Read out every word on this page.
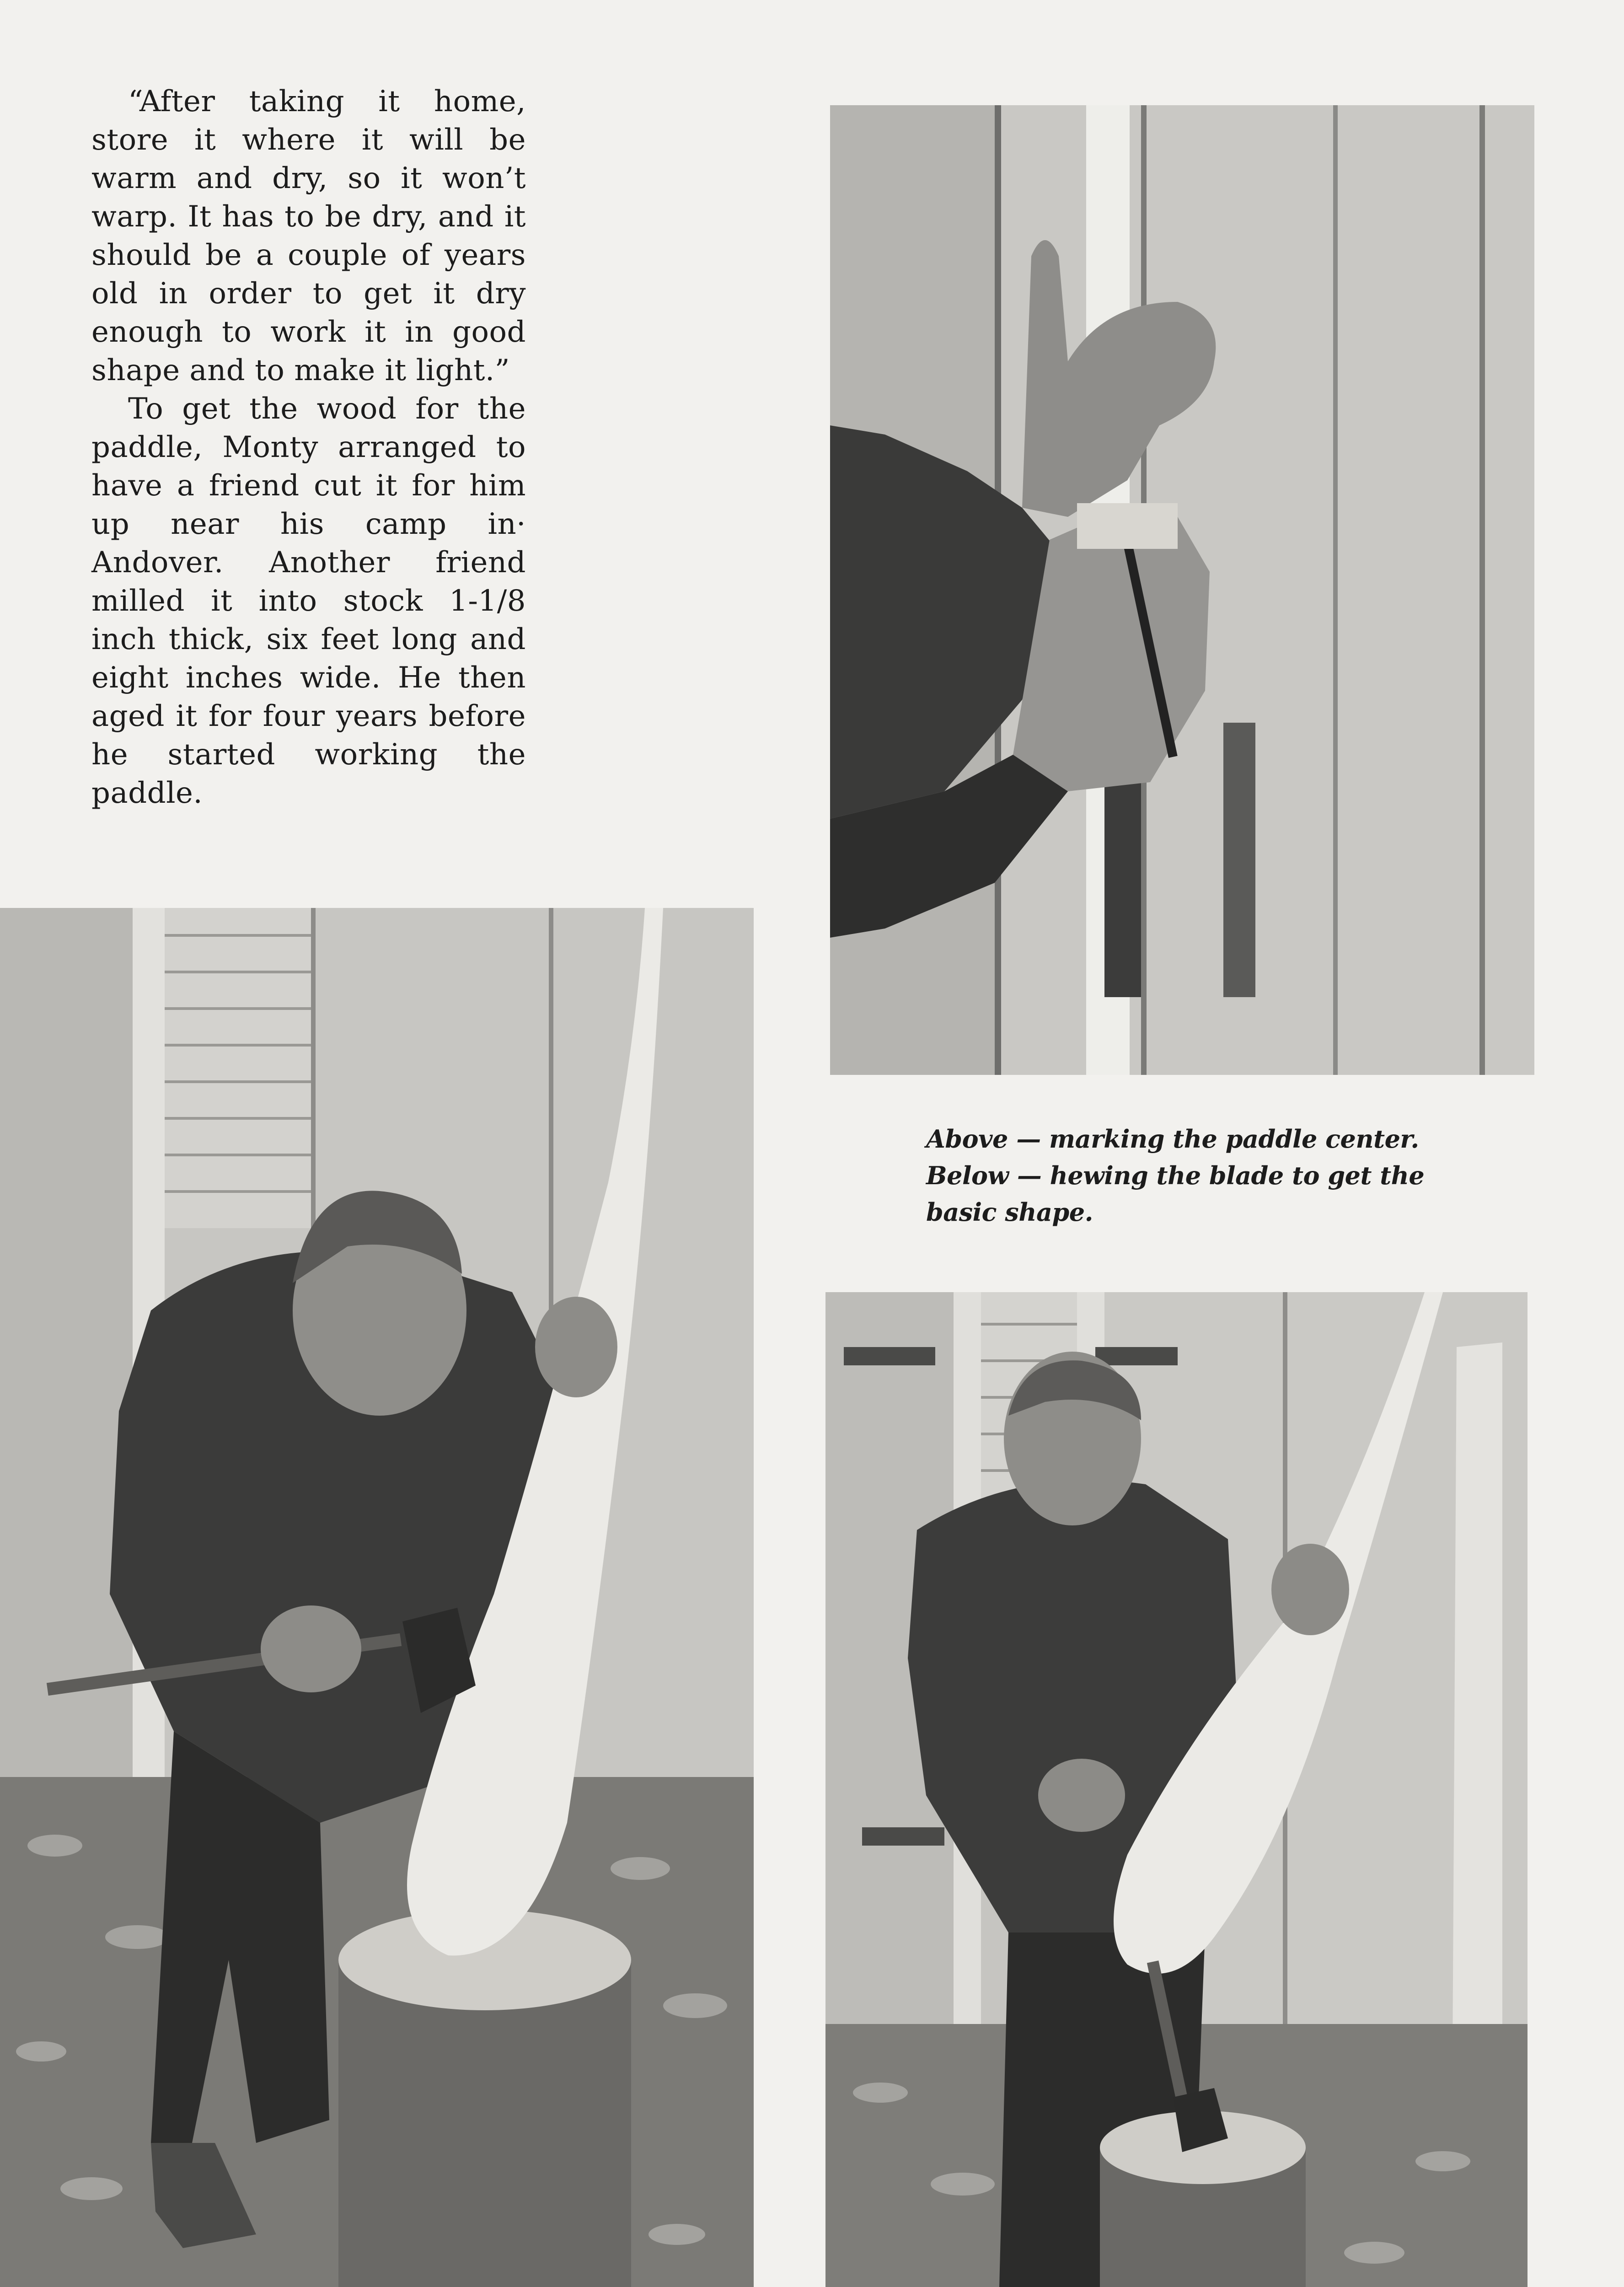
“After taking it home, store it where it will be warm and dry, so it won’t warp. It has to be dry, and it should be a couple of years old in order to get it dry enough to work it in good shape and to make it light.”

To get the wood for the paddle, Monty arranged to have a friend cut it for him up near his camp in· Andover. Another friend milled it into stock 1-1/8 inch thick, six feet long and eight inches wide. He then aged it for four years before he started working the paddle.

Above — marking the paddle center.
Below — hewing the blade to get the basic shape.
